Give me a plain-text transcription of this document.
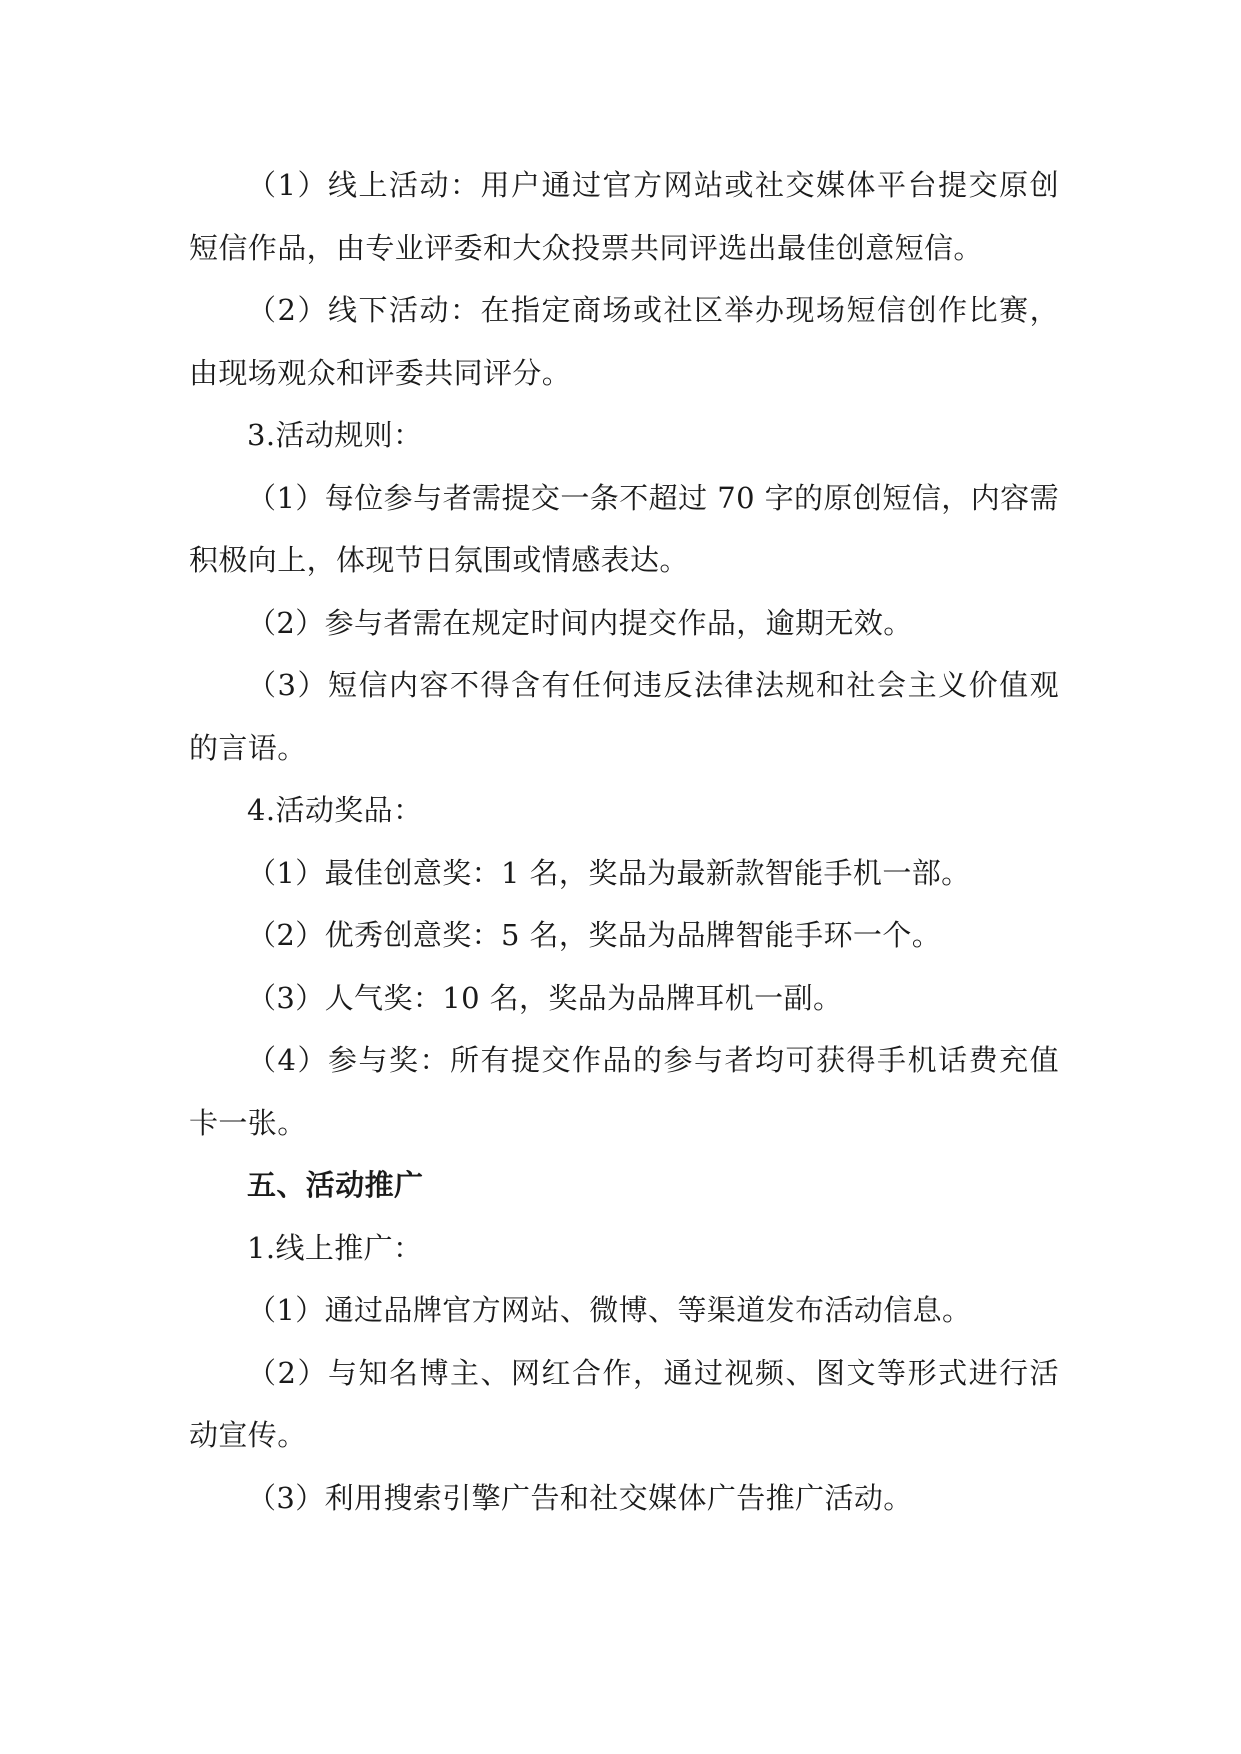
（1）线上活动：用户通过官方网站或社交媒体平台提交原创短信作品，由专业评委和大众投票共同评选出最佳创意短信。

（2）线下活动：在指定商场或社区举办现场短信创作比赛，由现场观众和评委共同评分。

3.活动规则：

（1）每位参与者需提交一条不超过 70 字的原创短信，内容需积极向上，体现节日氛围或情感表达。

（2）参与者需在规定时间内提交作品，逾期无效。

（3）短信内容不得含有任何违反法律法规和社会主义价值观的言语。

4.活动奖品：

（1）最佳创意奖：1 名，奖品为最新款智能手机一部。

（2）优秀创意奖：5 名，奖品为品牌智能手环一个。

（3）人气奖：10 名，奖品为品牌耳机一副。

（4）参与奖：所有提交作品的参与者均可获得手机话费充值卡一张。

五、活动推广

1.线上推广：

（1）通过品牌官方网站、微博、等渠道发布活动信息。

（2）与知名博主、网红合作，通过视频、图文等形式进行活动宣传。

（3）利用搜索引擎广告和社交媒体广告推广活动。
